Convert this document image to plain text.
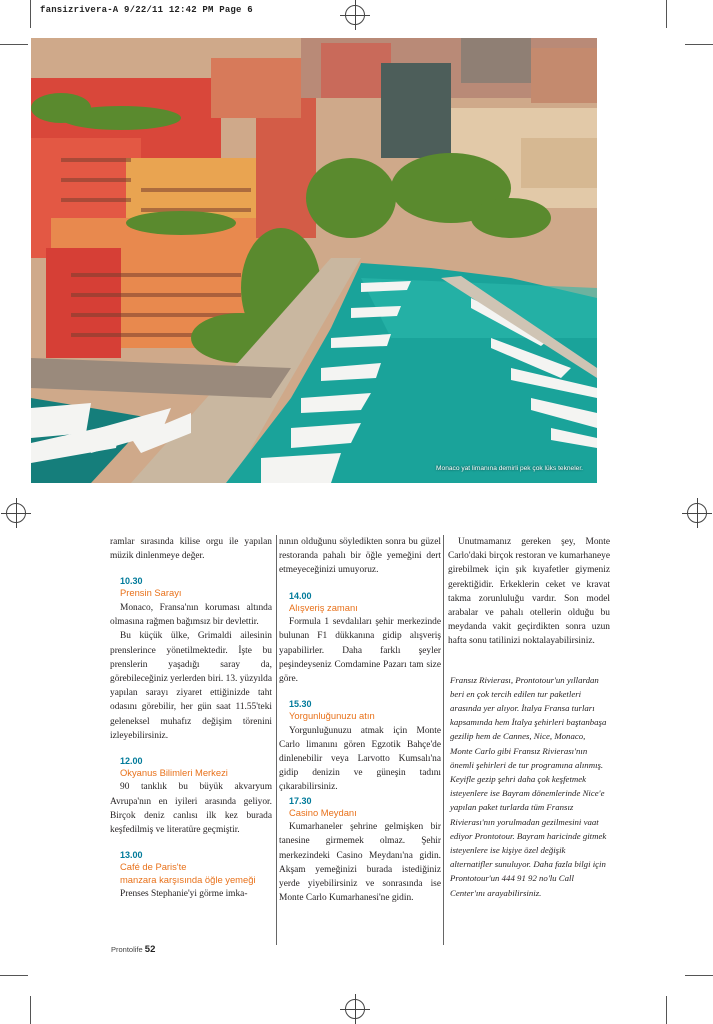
fansizrivera-A 9/22/11 12:42 PM Page 6
Monaco yat limanına demirli pek çok lüks tekneler.

ramlar sırasında kilise orgu ile yapılan müzik dinlenmeye değer.

10.30
Prensin Sarayı

Monaco, Fransa'nın koruması altında olmasına rağmen bağımsız bir devlettir.

Bu küçük ülke, Grimaldi ailesinin prenslerince yönetilmektedir. İşte bu prenslerin yaşadığı saray da, görebileceğiniz yerlerden biri. 13. yüzyılda yapılan sarayı ziyaret ettiğinizde taht odasını görebilir, her gün saat 11.55'teki geleneksel muhafız değişim törenini izleyebilirsiniz.

12.00
Okyanus Bilimleri Merkezi

90 tanklık bu büyük akvaryum Avrupa'nın en iyileri arasında geliyor. Birçok deniz canlısı ilk kez burada keşfedilmiş ve literatüre geçmiştir.

13.00
Café de Paris'te
manzara karşısında öğle yemeği

Prenses Stephanie'yi görme imka-

nının olduğunu söyledikten sonra bu güzel restoranda pahalı bir öğle yemeğini dert etmeyeceğinizi umuyoruz.

14.00
Alışveriş zamanı

Formula 1 sevdalıları şehir merkezinde bulunan F1 dükkanına gidip alışveriş yapabilirler. Daha farklı şeyler peşindeyseniz Comdamine Pazarı tam size göre.

15.30
Yorgunluğunuzu atın

Yorgunluğunuzu atmak için Monte Carlo limanını gören Egzotik Bahçe'de dinlenebilir veya Larvotto Kumsalı'na gidip denizin ve güneşin tadını çıkarabilirsiniz.

17.30
Casino Meydanı

Kumarhaneler şehrine gelmişken bir tanesine girmemek olmaz. Şehir merkezindeki Casino Meydanı'na gidin. Akşam yemeğinizi burada istediğiniz yerde yiyebilirsiniz ve sonrasında ise Monte Carlo Kumarhanesi'ne gidin.

Unutmamanız gereken şey, Monte Carlo'daki birçok restoran ve kumarhaneye girebilmek için şık kıyafetler giymeniz gerektiğidir. Erkeklerin ceket ve kravat takma zorunluluğu vardır. Son model arabalar ve pahalı otellerin olduğu bu meydanda vakit geçirdikten sonra uzun hafta sonu tatilinizi noktalayabilirsiniz.

Fransız Rivierası, Prontotour'un yıllardan beri en çok tercih edilen tur paketleri arasında yer alıyor. İtalya Fransa turları kapsamında hem İtalya şehirleri baştanbaşa gezilip hem de Cannes, Nice, Monaco, Monte Carlo gibi Fransız Rivierası'nın önemli şehirleri de tur programına alınmış. Keyifle gezip şehri daha çok keşfetmek isteyenlere ise Bayram dönemlerinde Nice'e yapılan paket turlarda tüm Fransız Rivierası'nın yorulmadan gezilmesini vaat ediyor Prontotour. Bayram haricinde gitmek isteyenlere ise kişiye özel değişik alternatifler sunuluyor. Daha fazla bilgi için Prontotour'un 444 91 92 no'lu Call Center'ını arayabilirsiniz.

Prontolife 52
